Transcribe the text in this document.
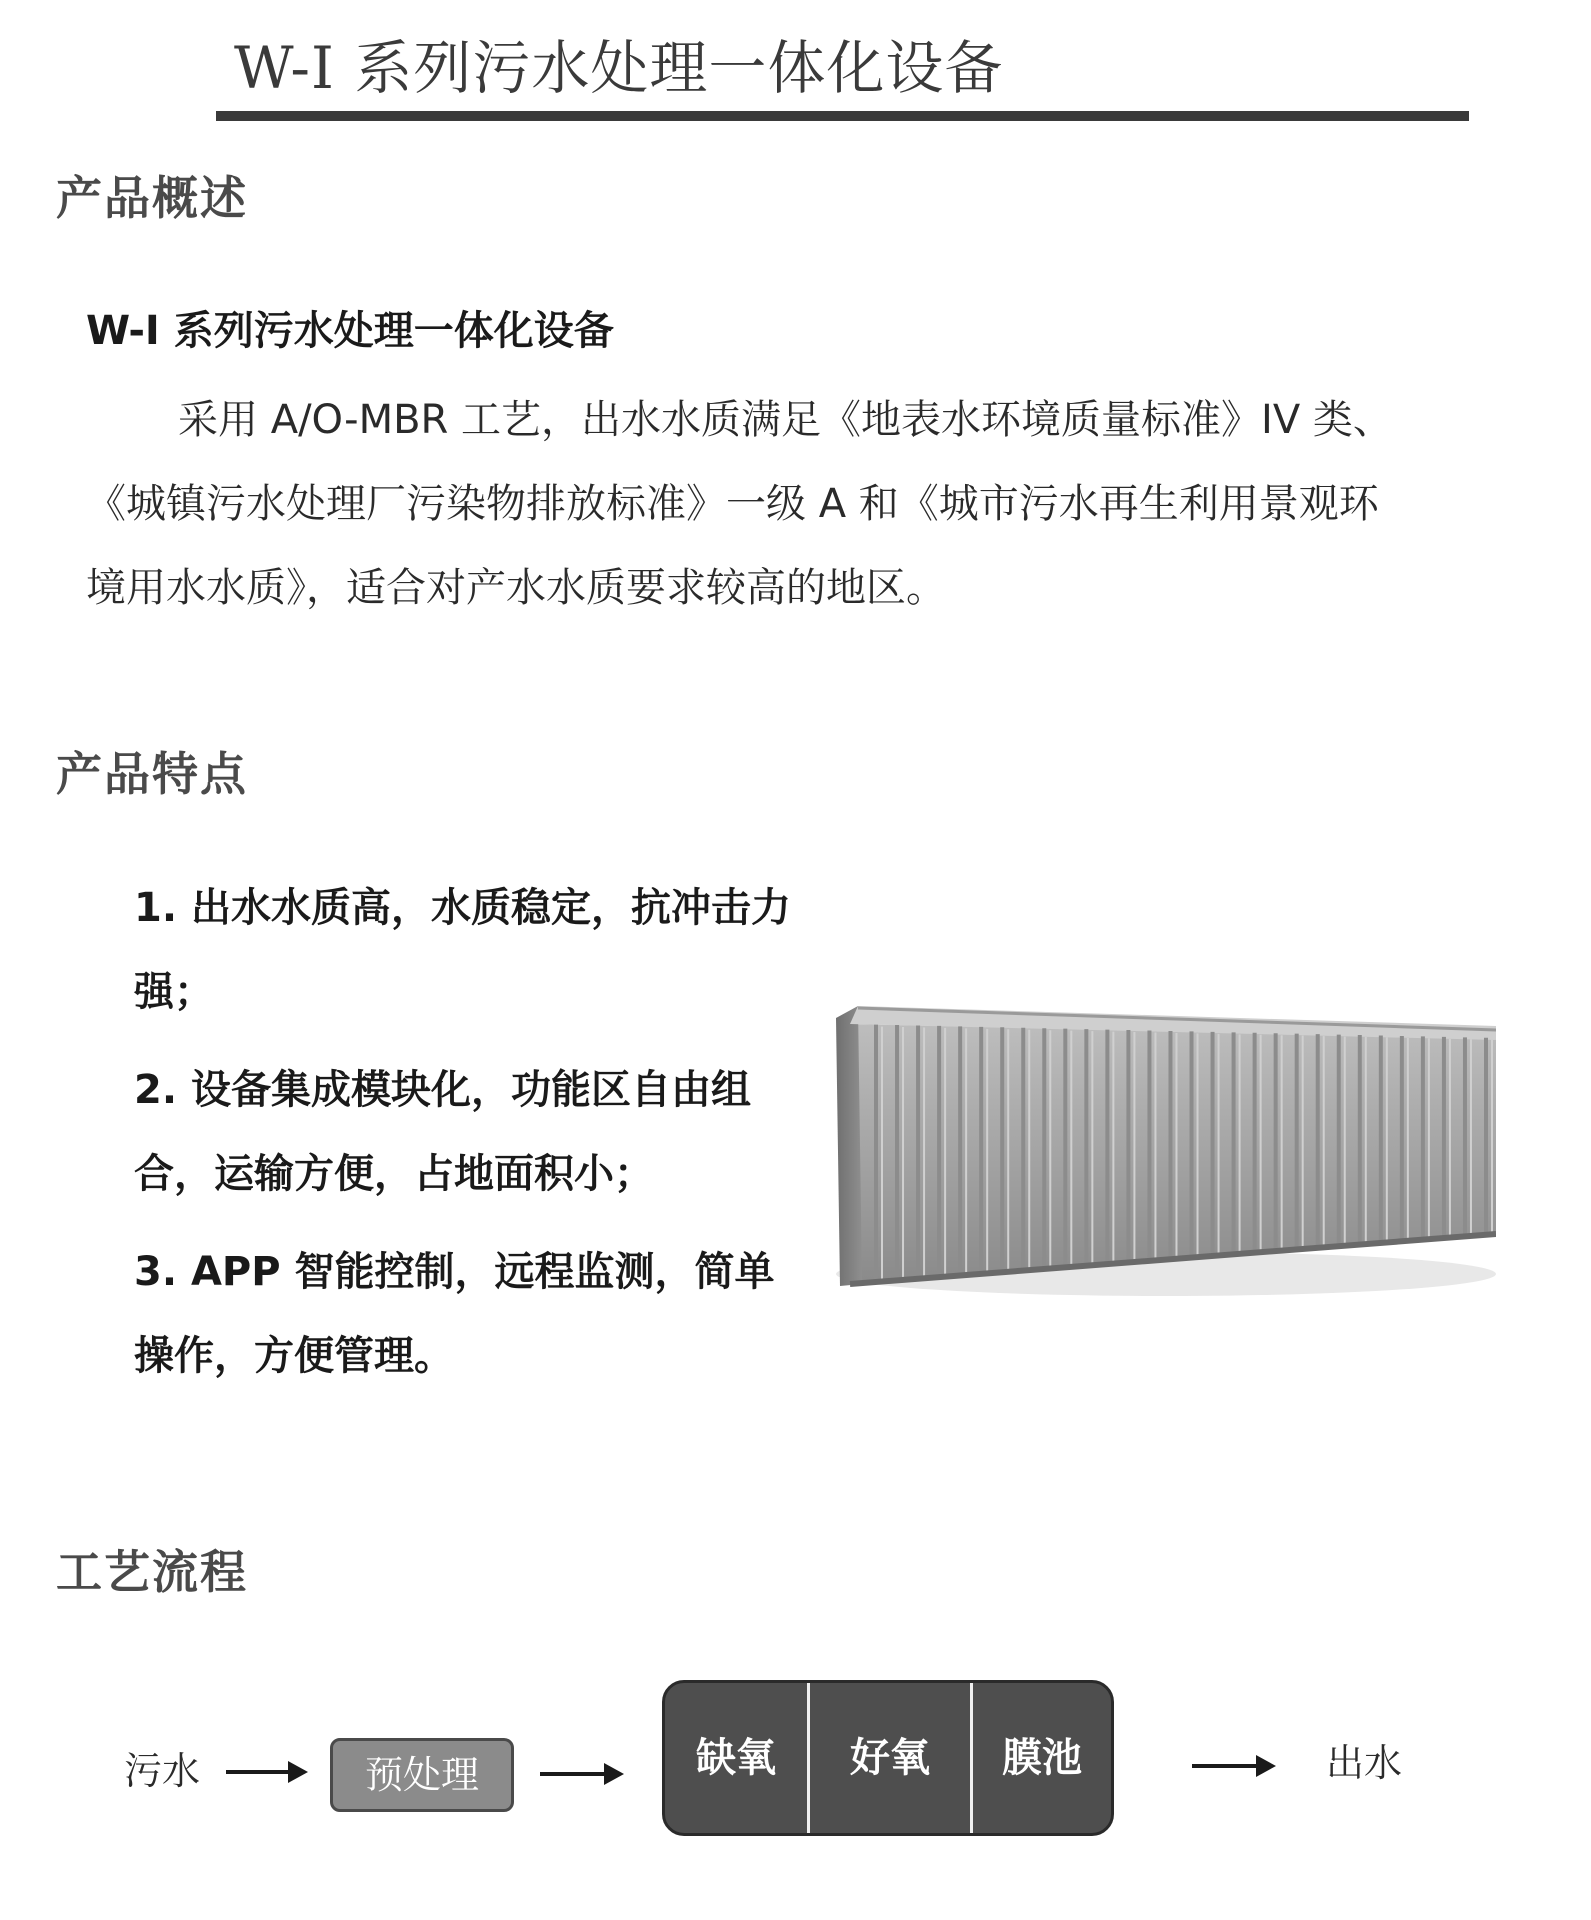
W-I 系列污水处理一体化设备
产品概述
W-I 系列污水处理一体化设备

采用 A/O-MBR 工艺，出水水质满足《地表水环境质量标准》IV 类、《城镇污水处理厂污染物排放标准》一级 A 和《城市污水再生利用景观环境用水水质》，适合对产水水质要求较高的地区。

产品特点
1. 出水水质高，水质稳定，抗冲击力强；
2. 设备集成模块化，功能区自由组合，运输方便，占地面积小；
3. APP 智能控制，远程监测，简单操作，方便管理。
工艺流程
污水	预处理	缺氧	好氧	膜池	出水
